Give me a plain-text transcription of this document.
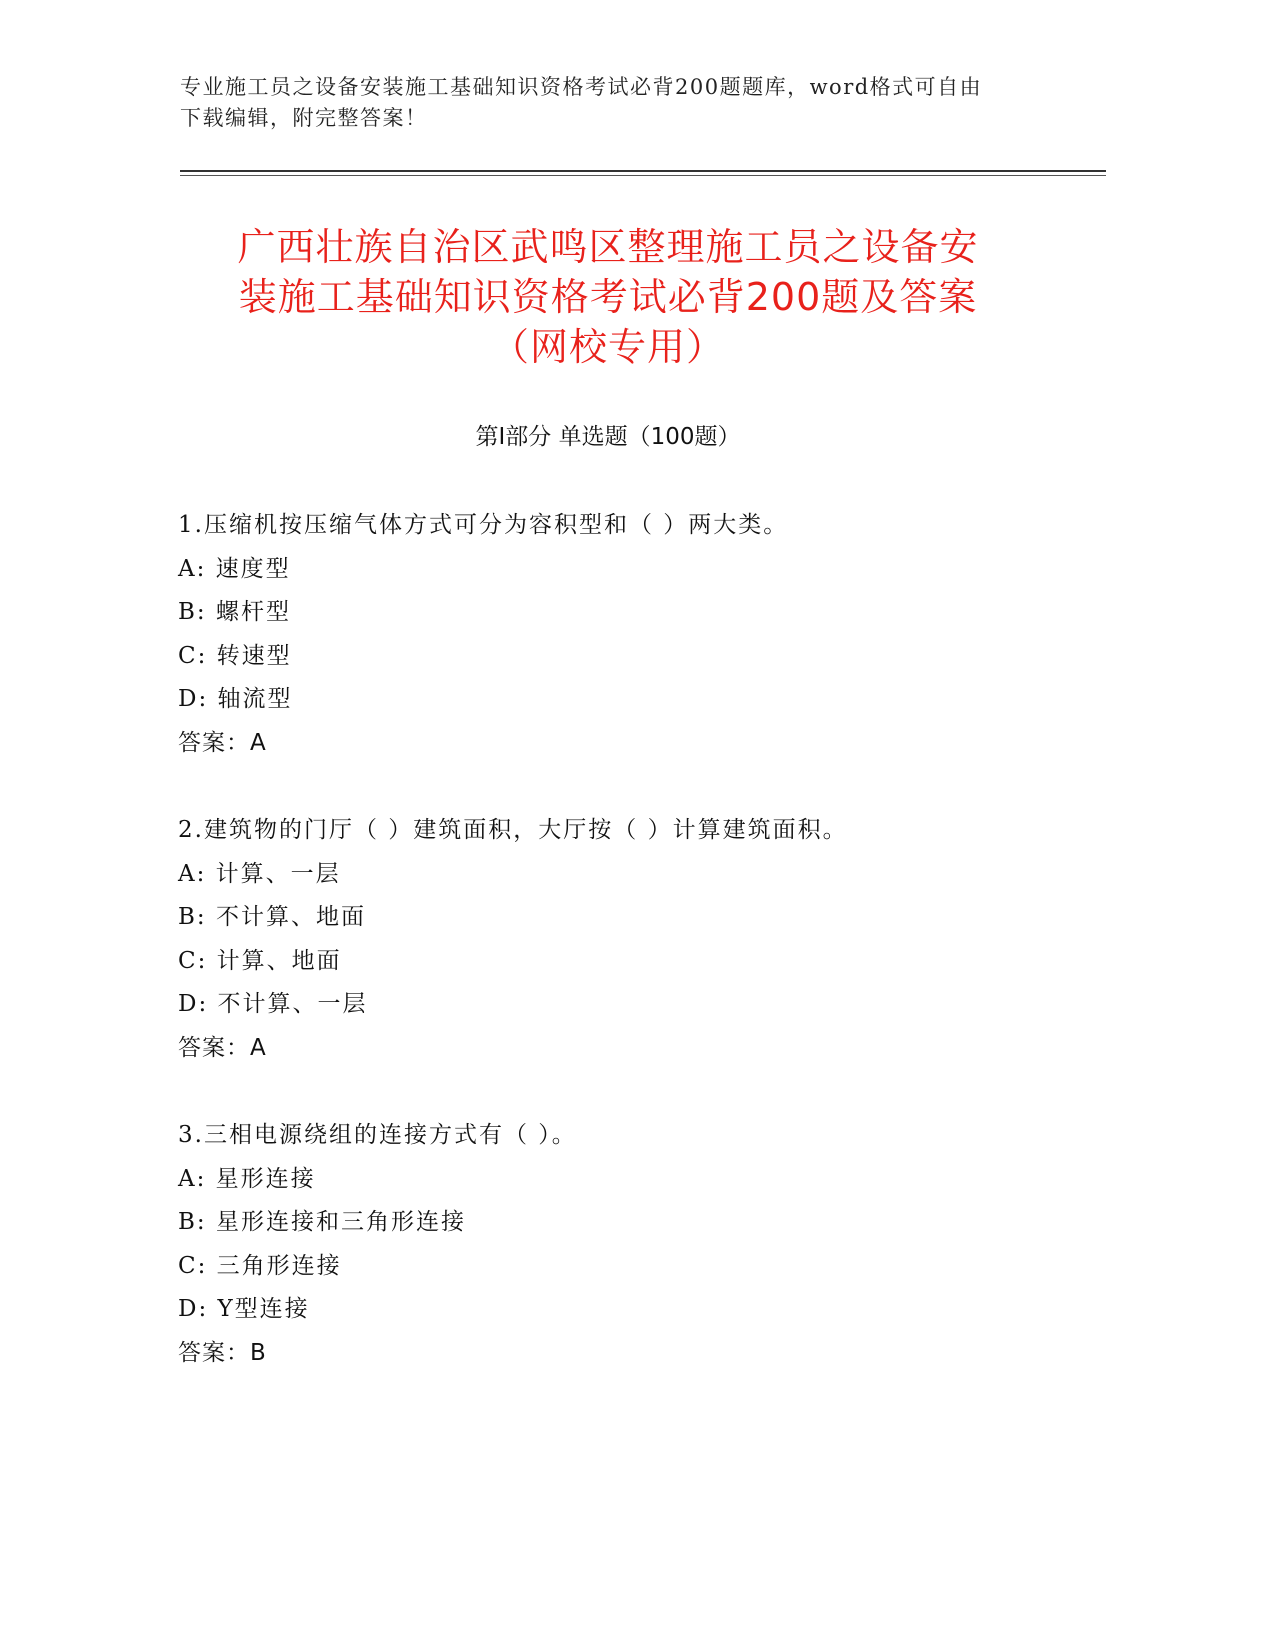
专业施工员之设备安装施工基础知识资格考试必背200题题库，word格式可自由
下载编辑，附完整答案！
广西壮族自治区武鸣区整理施工员之设备安
装施工基础知识资格考试必背200题及答案
（网校专用）
第Ⅰ部分 单选题（100题）
1.压缩机按压缩气体方式可分为容积型和（ ）两大类。
A: 速度型
B: 螺杆型
C: 转速型
D: 轴流型
答案：A
2.建筑物的门厅（ ）建筑面积，大厅按（ ）计算建筑面积。
A: 计算、一层
B: 不计算、地面
C: 计算、地面
D: 不计算、一层
答案：A
3.三相电源绕组的连接方式有（ ）。
A: 星形连接
B: 星形连接和三角形连接
C: 三角形连接
D: Y型连接
答案：B
